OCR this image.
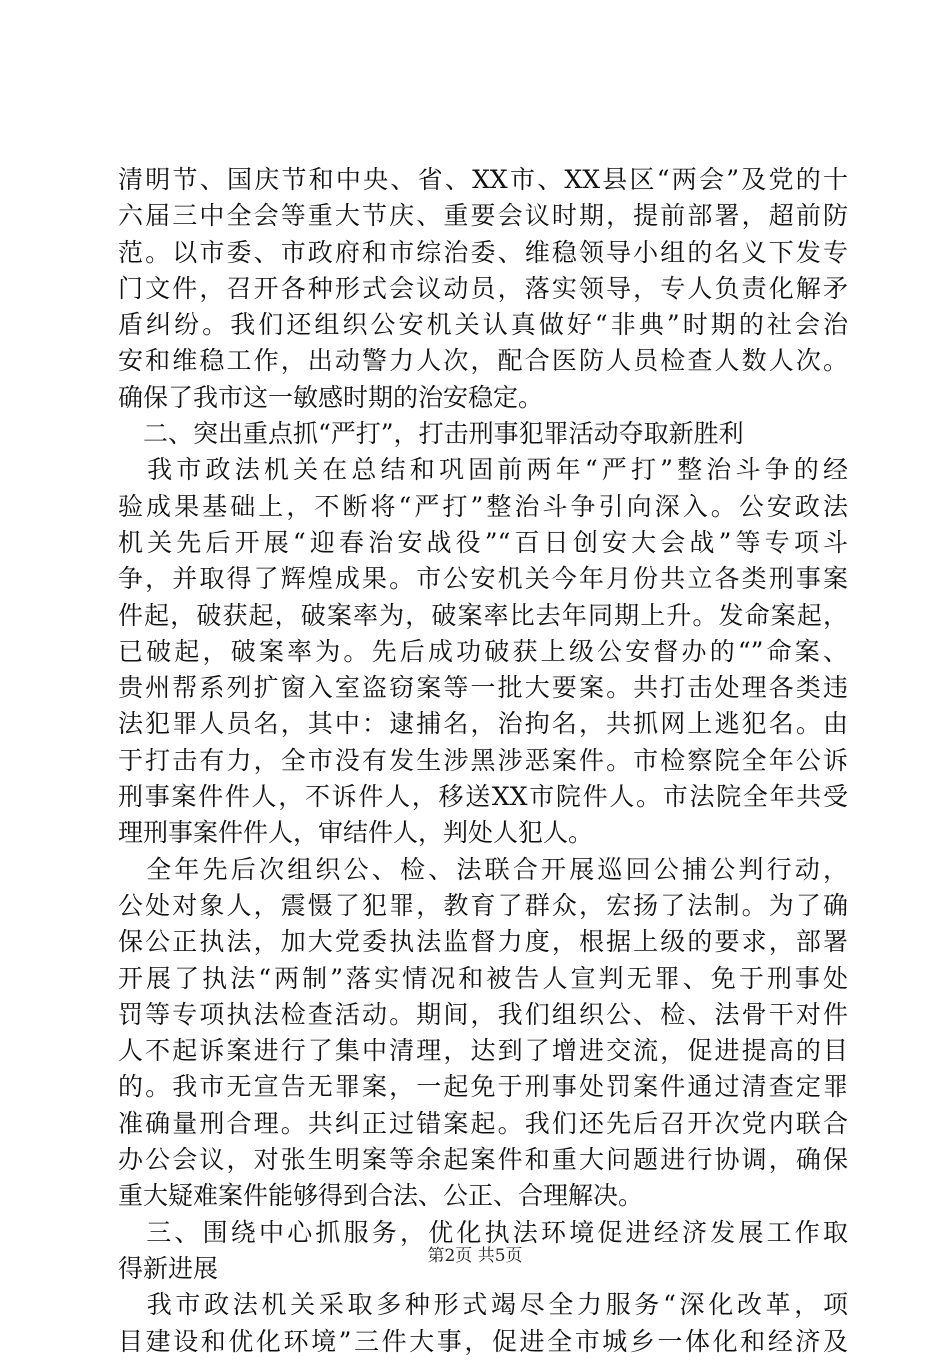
清明节、国庆节和中央、省、XX市、XX县区“两会”及党的十
六届三中全会等重大节庆、重要会议时期，提前部署，超前防
范。以市委、市政府和市综治委、维稳领导小组的名义下发专
门文件，召开各种形式会议动员，落实领导，专人负责化解矛
盾纠纷。我们还组织公安机关认真做好“非典”时期的社会治
安和维稳工作，出动警力人次，配合医防人员检查人数人次。
确保了我市这一敏感时期的治安稳定。
　二、突出重点抓“严打”，打击刑事犯罪活动夺取新胜利
　我市政法机关在总结和巩固前两年“严打”整治斗争的经
验成果基础上，不断将“严打”整治斗争引向深入。公安政法
机关先后开展“迎春治安战役”“百日创安大会战”等专项斗
争，并取得了辉煌成果。市公安机关今年月份共立各类刑事案
件起，破获起，破案率为，破案率比去年同期上升。发命案起，
已破起，破案率为。先后成功破获上级公安督办的“”命案、
贵州帮系列扩窗入室盗窃案等一批大要案。共打击处理各类违
法犯罪人员名，其中：逮捕名，治拘名，共抓网上逃犯名。由
于打击有力，全市没有发生涉黑涉恶案件。市检察院全年公诉
刑事案件件人，不诉件人，移送XX市院件人。市法院全年共受
理刑事案件件人，审结件人，判处人犯人。
　全年先后次组织公、检、法联合开展巡回公捕公判行动，
公处对象人，震慑了犯罪，教育了群众，宏扬了法制。为了确
保公正执法，加大党委执法监督力度，根据上级的要求，部署
开展了执法“两制”落实情况和被告人宣判无罪、免于刑事处
罚等专项执法检查活动。期间，我们组织公、检、法骨干对件
人不起诉案进行了集中清理，达到了增进交流，促进提高的目
的。我市无宣告无罪案，一起免于刑事处罚案件通过清查定罪
准确量刑合理。共纠正过错案起。我们还先后召开次党内联合
办公会议，对张生明案等余起案件和重大问题进行协调，确保
重大疑难案件能够得到合法、公正、合理解决。
　三、围绕中心抓服务，优化执法环境促进经济发展工作取
得新进展
　我市政法机关采取多种形式竭尽全力服务“深化改革，项
目建设和优化环境”三件大事，促进全市城乡一体化和经济及
第2页 共5页
